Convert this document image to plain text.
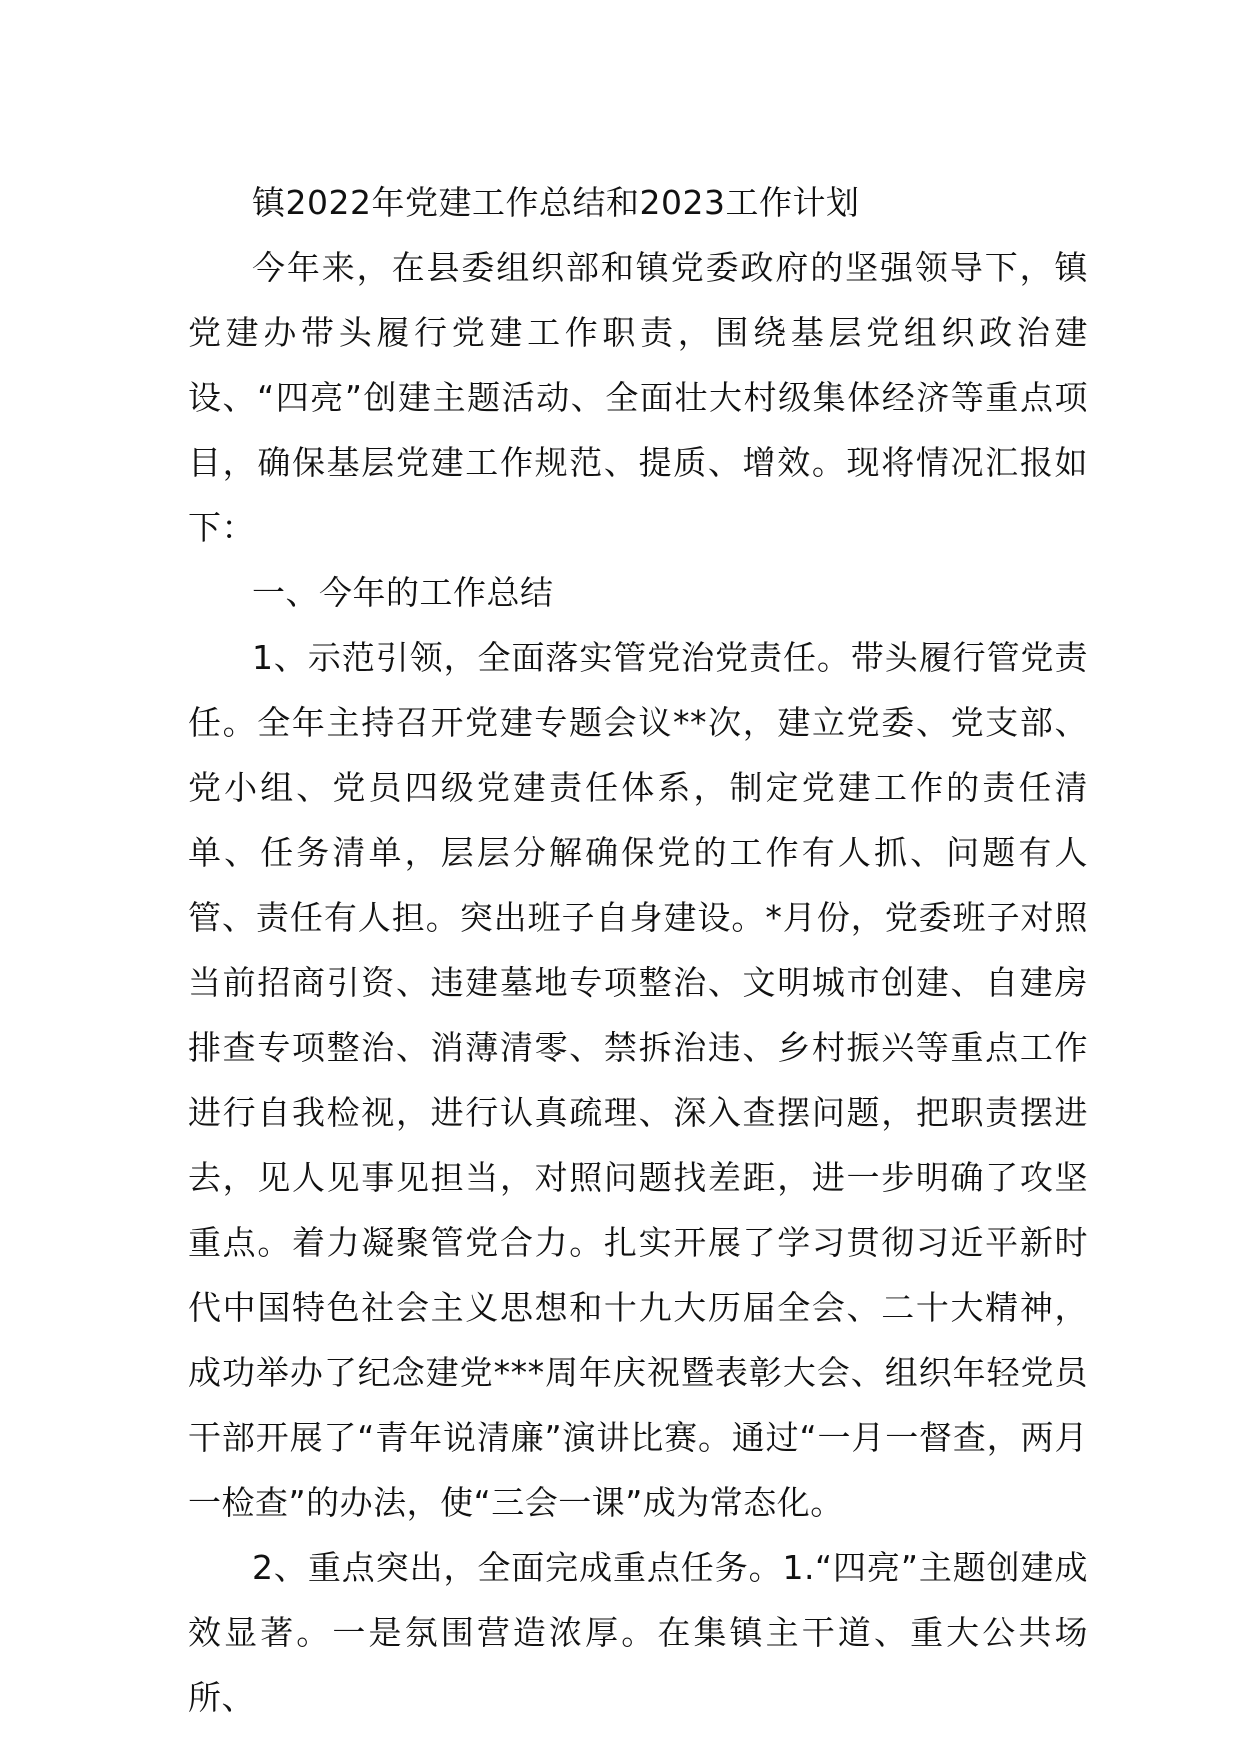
镇2022年党建工作总结和2023工作计划

今年来，在县委组织部和镇党委政府的坚强领导下，镇党建办带头履行党建工作职责，围绕基层党组织政治建设、“四亮”创建主题活动、全面壮大村级集体经济等重点项目，确保基层党建工作规范、提质、增效。现将情况汇报如下：

一、今年的工作总结

1、示范引领，全面落实管党治党责任。带头履行管党责任。全年主持召开党建专题会议**次，建立党委、党支部、党小组、党员四级党建责任体系，制定党建工作的责任清单、任务清单，层层分解确保党的工作有人抓、问题有人管、责任有人担。突出班子自身建设。*月份，党委班子对照当前招商引资、违建墓地专项整治、文明城市创建、自建房排查专项整治、消薄清零、禁拆治违、乡村振兴等重点工作进行自我检视，进行认真疏理、深入查摆问题，把职责摆进去，见人见事见担当，对照问题找差距，进一步明确了攻坚重点。着力凝聚管党合力。扎实开展了学习贯彻习近平新时代中国特色社会主义思想和十九大历届全会、二十大精神，成功举办了纪念建党***周年庆祝暨表彰大会、组织年轻党员干部开展了“青年说清廉”演讲比赛。通过“一月一督查，两月一检查”的办法，使“三会一课”成为常态化。

2、重点突出，全面完成重点任务。1.“四亮”主题创建成效显著。一是氛围营造浓厚。在集镇主干道、重大公共场所、
